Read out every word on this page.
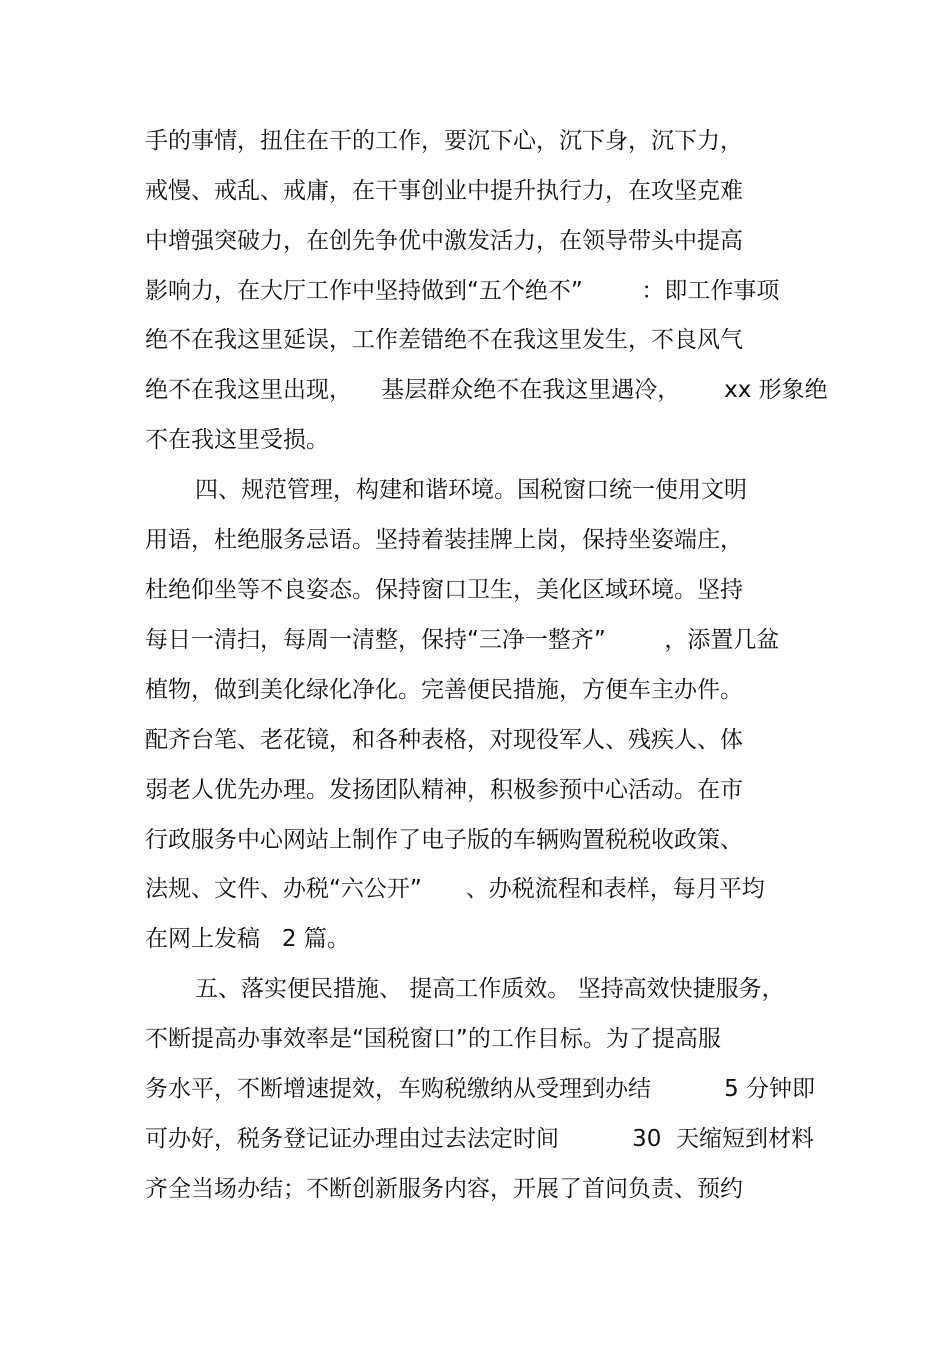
手的事情，扭住在干的工作，要沉下心，沉下身，沉下力，
戒慢、戒乱、戒庸，在干事创业中提升执行力，在攻坚克难
中增强突破力，在创先争优中激发活力，在领导带头中提高
影响力，在大厅工作中坚持做到“五个绝不”        ：即工作事项
绝不在我这里延误，工作差错绝不在我这里发生，不良风气
绝不在我这里出现，    基层群众绝不在我这里遇冷，      xx 形象绝
不在我这里受损。
四、规范管理，构建和谐环境。国税窗口统一使用文明
用语，杜绝服务忌语。坚持着装挂牌上岗，保持坐姿端庄，
杜绝仰坐等不良姿态。保持窗口卫生，美化区域环境。坚持
每日一清扫，每周一清整，保持“三净一整齐”        ，添置几盆
植物，做到美化绿化净化。完善便民措施，方便车主办件。
配齐台笔、老花镜，和各种表格，对现役军人、残疾人、体
弱老人优先办理。发扬团队精神，积极参预中心活动。在市
行政服务中心网站上制作了电子版的车辆购置税税收政策、
法规、文件、办税“六公开”      、办税流程和表样，每月平均
在网上发稿   2 篇。
五、落实便民措施、 提高工作质效。 坚持高效快捷服务，
不断提高办事效率是“国税窗口”的工作目标。为了提高服
务水平，不断增速提效，车购税缴纳从受理到办结          5 分钟即
可办好，税务登记证办理由过去法定时间          30  天缩短到材料
齐全当场办结；不断创新服务内容，开展了首问负责、预约
